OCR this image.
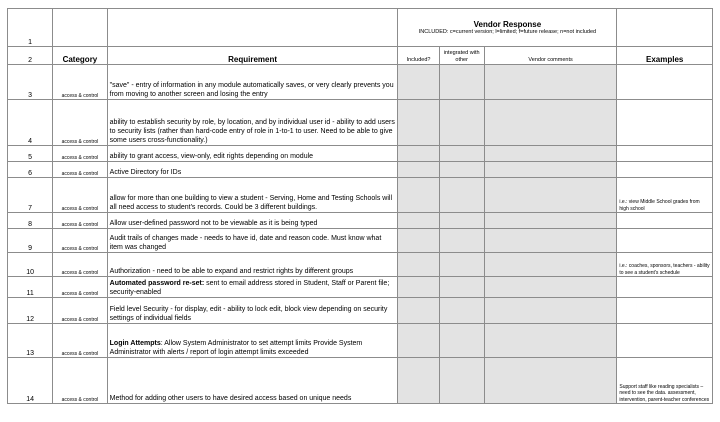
1			Vendor Response
INCLUDED: c=current version; l=limited; f=future release; n=not included			

2	Category	Requirement	Included?	integrated with other	Vendor comments	Examples
3	access & control	"save" - entry of information in any module automatically saves, or very clearly prevents you from moving to another screen and losing the entry				
4	access & control	ability to establish security by role, by location, and by individual user id - ability to add users to security lists (rather than hard-code entry of role in 1-to-1 to user. Need to be able to give some users cross-functionality.)				
5	access & control	ability to grant access, view-only, edit rights depending on module				
6	access & control	Active Directory for IDs				
7	access & control	allow for more than one building to view a student - Serving, Home and Testing Schools will all need access to student's records. Could be 3 different buildings.				i.e.: view Middle School grades from high school
8	access & control	Allow user-defined password not to be viewable as it is being typed				
9	access & control	Audit trails of changes made - needs to have id, date and reason code. Must know what item was changed				
10	access & control	Authorization - need to be able to expand and restrict rights by different groups				i.e.: coaches, sponsors, teachers - ability to see a student's schedule
11	access & control	Automated password re-set: sent to email address stored in Student, Staff or Parent file; security-enabled				
12	access & control	Field level Security - for display, edit - ability to lock edit, block view depending on security settings of individual fields				
13	access & control	Login Attempts: Allow System Administrator to set attempt limits Provide System Administrator with alerts / report of login attempt limits exceeded				
14	access & control	Method for adding other users to have desired access based on unique needs				Support staff like reading specialists – need to see the data. assessment, intervention, parent-teacher conferences
